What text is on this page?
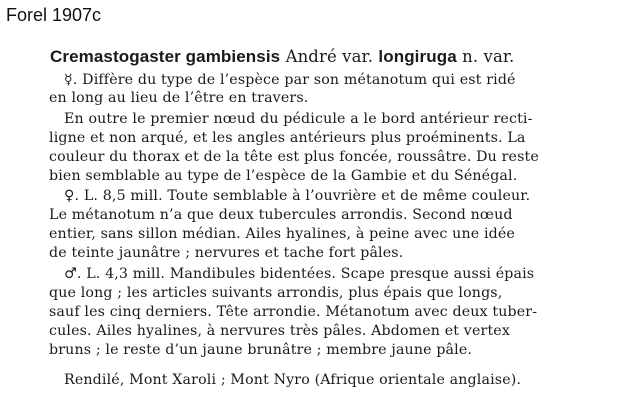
Forel 1907c
Cremastogaster gambiensis André var. longiruga n. var.
☿. Diffère du type de l’espèce par son métanotum qui est ridé
en long au lieu de l’être en travers.
En outre le premier nœud du pédicule a le bord antérieur recti-
ligne et non arqué, et les angles antérieurs plus proéminents. La
couleur du thorax et de la tête est plus foncée, roussâtre. Du reste
bien semblable au type de l’espèce de la Gambie et du Sénégal.
♀. L. 8,5 mill. Toute semblable à l’ouvrière et de même couleur.
Le métanotum n’a que deux tubercules arrondis. Second nœud
entier, sans sillon médian. Ailes hyalines, à peine avec une idée
de teinte jaunâtre ; nervures et tache fort pâles.
♂. L. 4,3 mill. Mandibules bidentées. Scape presque aussi épais
que long ; les articles suivants arrondis, plus épais que longs,
sauf les cinq derniers. Tête arrondie. Métanotum avec deux tuber-
cules. Ailes hyalines, à nervures très pâles. Abdomen et vertex
bruns ; le reste d’un jaune brunâtre ; membre jaune pâle.
Rendilé, Mont Xaroli ; Mont Nyro (Afrique orientale anglaise).
